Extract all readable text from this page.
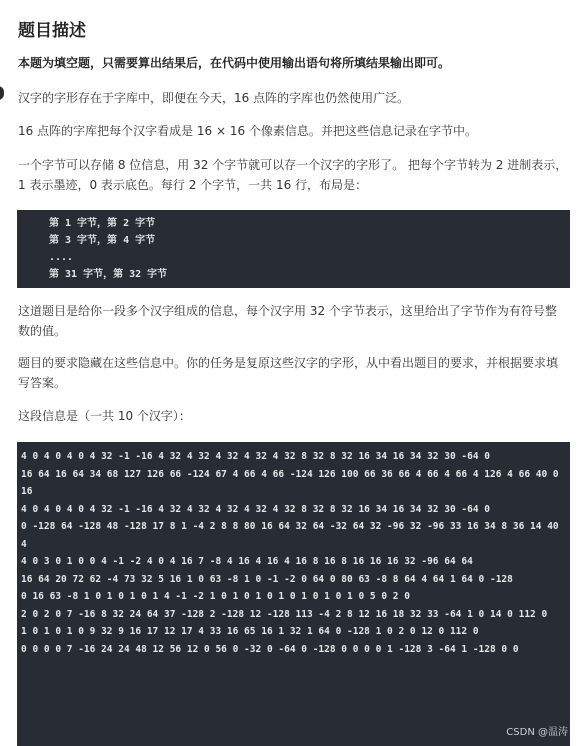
题目描述

本题为填空题，只需要算出结果后，在代码中使用输出语句将所填结果输出即可。

汉字的字形存在于字库中，即便在今天，16 点阵的字库也仍然使用广泛。

16 点阵的字库把每个汉字看成是 16 × 16 个像素信息。并把这些信息记录在字节中。

一个字节可以存储 8 位信息，用 32 个字节就可以存一个汉字的字形了。 把每个字节转为 2 进制表示，1 表示墨迹，0 表示底色。每行 2 个字节，一共 16 行，布局是：

第 1 字节，第 2 字节
第 3 字节，第 4 字节
....
第 31 字节，第 32 字节

这道题目是给你一段多个汉字组成的信息，每个汉字用 32 个字节表示，这里给出了字节作为有符号整数的值。

题目的要求隐藏在这些信息中。你的任务是复原这些汉字的字形，从中看出题目的要求，并根据要求填写答案。

这段信息是（一共 10 个汉字）：

4 0 4 0 4 0 4 32 -1 -16 4 32 4 32 4 32 4 32 4 32 8 32 8 32 16 34 16 34 32 30 -64 0
16 64 16 64 34 68 127 126 66 -124 67 4 66 4 66 -124 126 100 66 36 66 4 66 4 66 4 126 4 66 40 0 16
4 0 4 0 4 0 4 32 -1 -16 4 32 4 32 4 32 4 32 4 32 8 32 8 32 16 34 16 34 32 30 -64 0
0 -128 64 -128 48 -128 17 8 1 -4 2 8 8 80 16 64 32 64 -32 64 32 -96 32 -96 33 16 34 8 36 14 40 4
4 0 3 0 1 0 0 4 -1 -2 4 0 4 16 7 -8 4 16 4 16 4 16 8 16 8 16 16 16 32 -96 64 64
16 64 20 72 62 -4 73 32 5 16 1 0 63 -8 1 0 -1 -2 0 64 0 80 63 -8 8 64 4 64 1 64 0 -128
0 16 63 -8 1 0 1 0 1 0 1 4 -1 -2 1 0 1 0 1 0 1 0 1 0 1 0 1 0 5 0 2 0
2 0 2 0 7 -16 8 32 24 64 37 -128 2 -128 12 -128 113 -4 2 8 12 16 18 32 33 -64 1 0 14 0 112 0
1 0 1 0 1 0 9 32 9 16 17 12 17 4 33 16 65 16 1 32 1 64 0 -128 1 0 2 0 12 0 112 0
0 0 0 0 7 -16 24 24 48 12 56 12 0 56 0 -32 0 -64 0 -128 0 0 0 0 1 -128 3 -64 1 -128 0 0
CSDN @温涛
